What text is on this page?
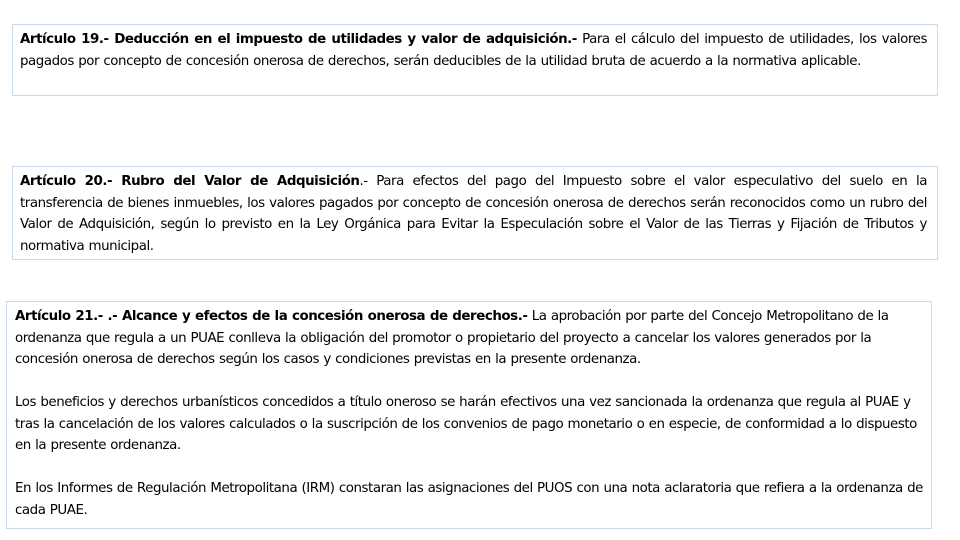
Artículo 19.- Deducción en el impuesto de utilidades y valor de adquisición.- Para el cálculo del impuesto de utilidades, los valores pagados por concepto de concesión onerosa de derechos, serán deducibles de la utilidad bruta de acuerdo a la normativa aplicable.

Artículo 20.- Rubro del Valor de Adquisición.- Para efectos del pago del Impuesto sobre el valor especulativo del suelo en la transferencia de bienes inmuebles, los valores pagados por concepto de concesión onerosa de derechos serán reconocidos como un rubro del Valor de Adquisición, según lo previsto en la Ley Orgánica para Evitar la Especulación sobre el Valor de las Tierras y Fijación de Tributos y normativa municipal.

Artículo 21.- .- Alcance y efectos de la concesión onerosa de derechos.- La aprobación por parte del Concejo Metropolitano de la ordenanza que regula a un PUAE conlleva la obligación del promotor o propietario del proyecto a cancelar los valores generados por la concesión onerosa de derechos según los casos y condiciones previstas en la presente ordenanza.

Los beneficios y derechos urbanísticos concedidos a título oneroso se harán efectivos una vez sancionada la ordenanza que regula al PUAE y tras la cancelación de los valores calculados o la suscripción de los convenios de pago monetario o en especie, de conformidad a lo dispuesto en la presente ordenanza.

En los Informes de Regulación Metropolitana (IRM) constaran las asignaciones del PUOS con una nota aclaratoria que refiera a la ordenanza de cada PUAE.
